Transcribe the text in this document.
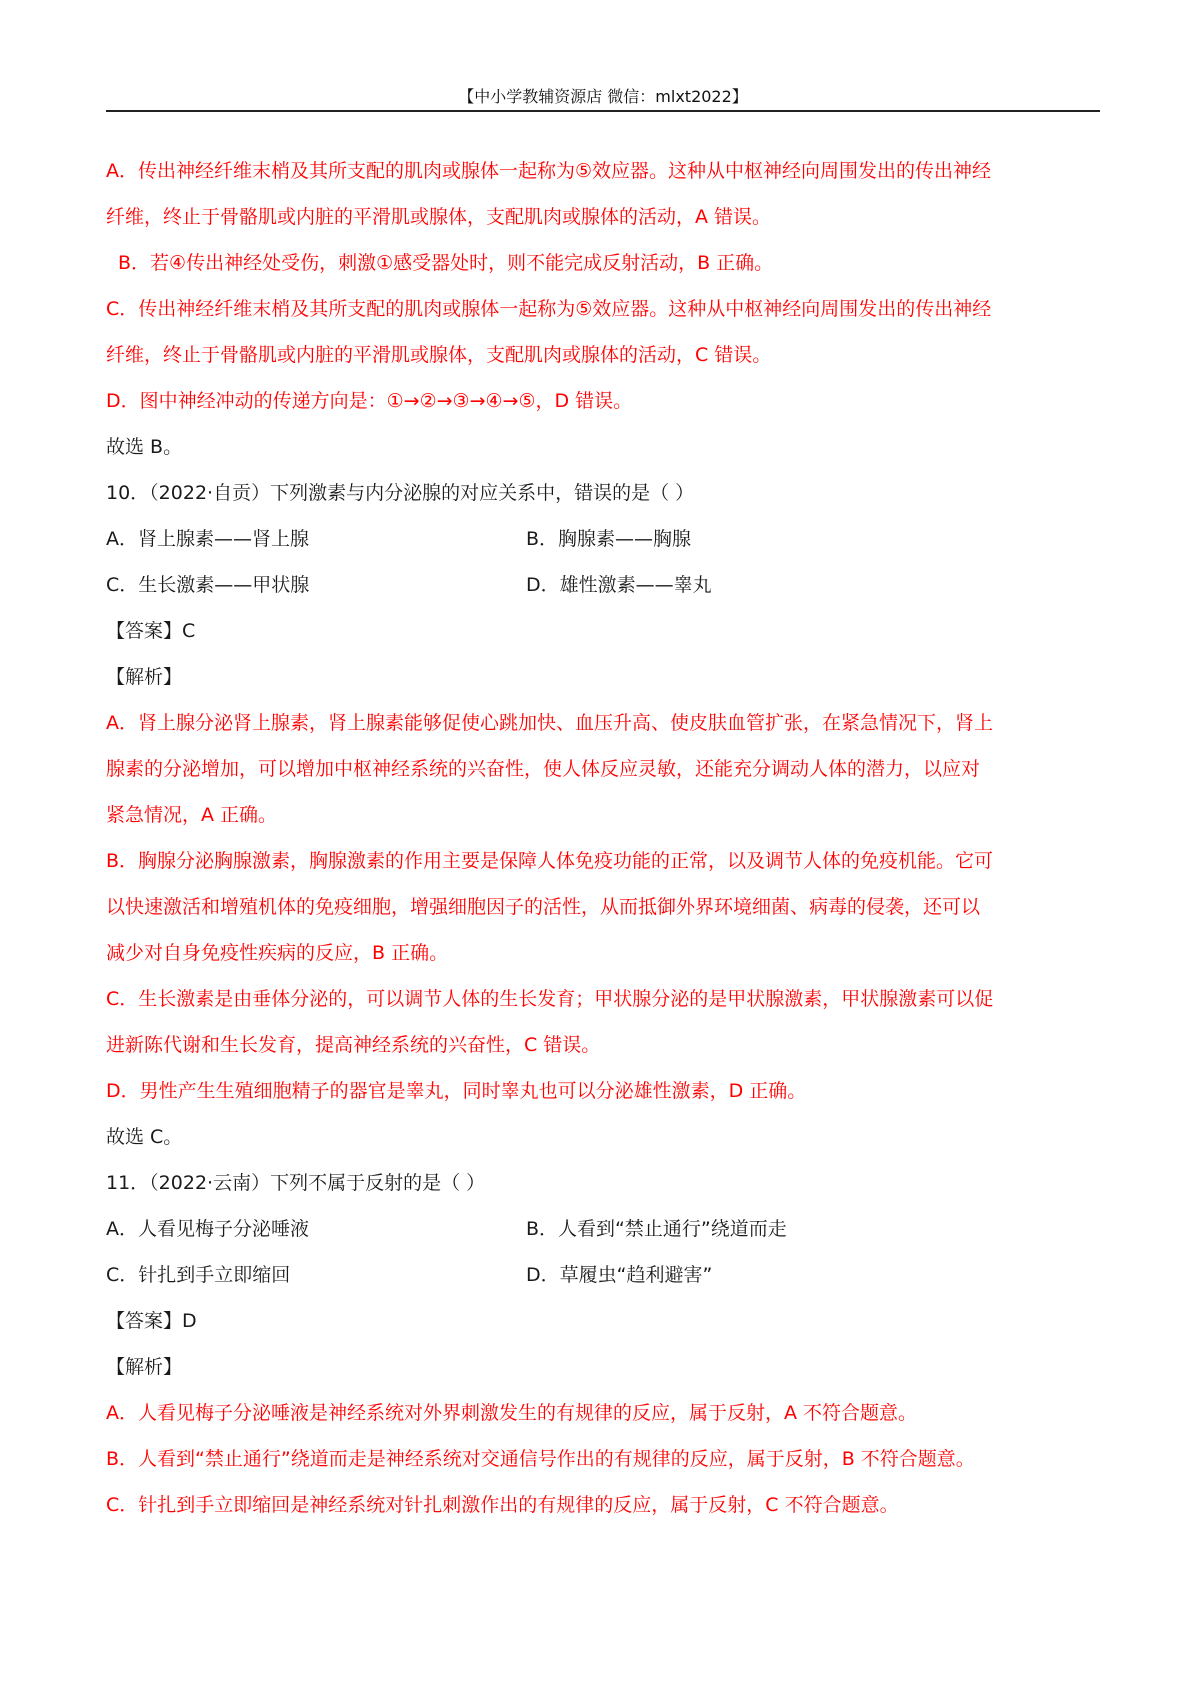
【中小学教辅资源店 微信：mlxt2022】

A．传出神经纤维末梢及其所支配的肌肉或腺体一起称为⑤效应器。这种从中枢神经向周围发出的传出神经

纤维，终止于骨骼肌或内脏的平滑肌或腺体，支配肌肉或腺体的活动，A 错误。

B．若④传出神经处受伤，刺激①感受器处时，则不能完成反射活动，B 正确。

C．传出神经纤维末梢及其所支配的肌肉或腺体一起称为⑤效应器。这种从中枢神经向周围发出的传出神经

纤维，终止于骨骼肌或内脏的平滑肌或腺体，支配肌肉或腺体的活动，C 错误。

D．图中神经冲动的传递方向是：①→②→③→④→⑤，D 错误。

故选 B。

10．（2022·自贡）下列激素与内分泌腺的对应关系中，错误的是（ ）

A．肾上腺素——肾上腺	B．胸腺素——胸腺
C．生长激素——甲状腺	D．雄性激素——睾丸

【答案】C

【解析】

A．肾上腺分泌肾上腺素，肾上腺素能够促使心跳加快、血压升高、使皮肤血管扩张，在紧急情况下，肾上

腺素的分泌增加，可以增加中枢神经系统的兴奋性，使人体反应灵敏，还能充分调动人体的潜力，以应对

紧急情况，A 正确。

B．胸腺分泌胸腺激素，胸腺激素的作用主要是保障人体免疫功能的正常，以及调节人体的免疫机能。它可

以快速激活和增殖机体的免疫细胞，增强细胞因子的活性，从而抵御外界环境细菌、病毒的侵袭，还可以

减少对自身免疫性疾病的反应，B 正确。

C．生长激素是由垂体分泌的，可以调节人体的生长发育；甲状腺分泌的是甲状腺激素，甲状腺激素可以促

进新陈代谢和生长发育，提高神经系统的兴奋性，C 错误。

D．男性产生生殖细胞精子的器官是睾丸，同时睾丸也可以分泌雄性激素，D 正确。

故选 C。

11．（2022·云南）下列不属于反射的是（ ）

A．人看见梅子分泌唾液	B．人看到“禁止通行”绕道而走
C．针扎到手立即缩回	D．草履虫“趋利避害”

【答案】D

【解析】

A．人看见梅子分泌唾液是神经系统对外界刺激发生的有规律的反应，属于反射，A 不符合题意。

B．人看到“禁止通行”绕道而走是神经系统对交通信号作出的有规律的反应，属于反射，B 不符合题意。

C．针扎到手立即缩回是神经系统对针扎刺激作出的有规律的反应，属于反射，C 不符合题意。
